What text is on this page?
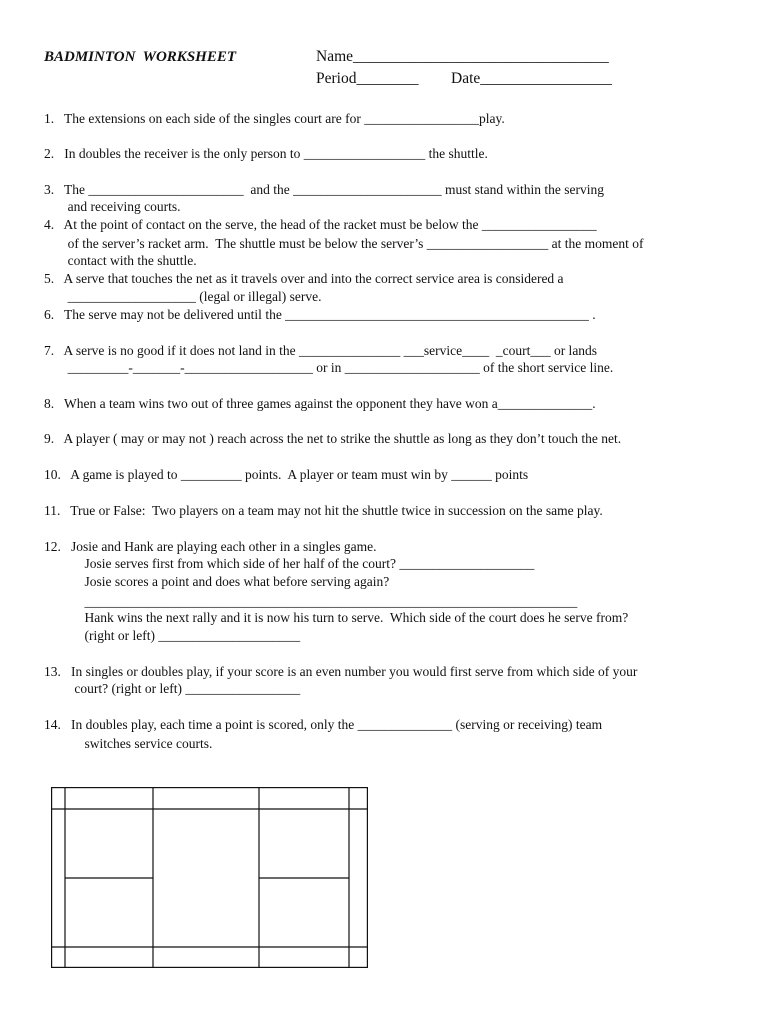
BADMINTON  WORKSHEET	Name_________________________________
Period________ Date_________________
1.   The extensions on each side of the singles court are for _________________play.
2.   In doubles the receiver is the only person to __________________ the shuttle.
3.   The _______________________  and the ______________________ must stand within the serving
and receiving courts.
4.   At the point of contact on the serve, the head of the racket must be below the _________________
of the server’s racket arm.  The shuttle must be below the server’s __________________ at the moment of
contact with the shuttle.
5.   A serve that touches the net as it travels over and into the correct service area is considered a
___________________ (legal or illegal) serve.
6.   The serve may not be delivered until the _____________________________________________ .
7.   A serve is no good if it does not land in the _______________ ___service____  _court___ or lands
_________-_______-___________________ or in ____________________ of the short service line.
8.   When a team wins two out of three games against the opponent they have won a______________.
9.   A player ( may or may not ) reach across the net to strike the shuttle as long as they don’t touch the net.
10.   A game is played to _________ points.  A player or team must win by ______ points
11.   True or False:  Two players on a team may not hit the shuttle twice in succession on the same play.
12.   Josie and Hank are playing each other in a singles game.
Josie serves first from which side of her half of the court? ____________________
Josie scores a point and does what before serving again?
_________________________________________________________________________
Hank wins the next rally and it is now his turn to serve.  Which side of the court does he serve from?
(right or left) _____________________
13.   In singles or doubles play, if your score is an even number you would first serve from which side of your
court? (right or left) _________________
14.   In doubles play, each time a point is scored, only the ______________ (serving or receiving) team
switches service courts.
